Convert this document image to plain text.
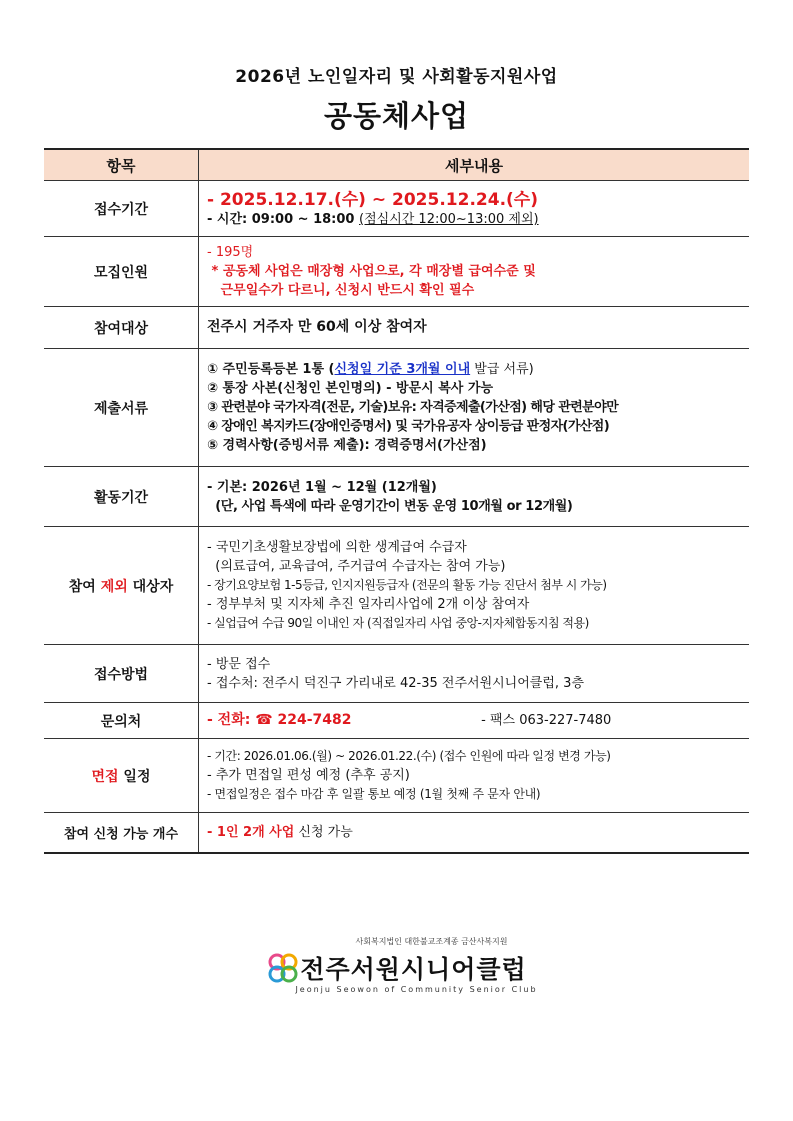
2026년 노인일자리 및 사회활동지원사업
공동체사업
항목	세부내용
접수기간	- 2025.12.17.(수) ~ 2025.12.24.(수)
- 시간: 09:00 ~ 18:00 (점심시간 12:00~13:00 제외)

모집인원	- 195명
* 공동체 사업은 매장형 사업으로, 각 매장별 급여수준 및
근무일수가 다르니, 신청시 반드시 확인 필수

참여대상	전주시 거주자 만 60세 이상 참여자
제출서류	① 주민등록등본 1통 (신청일 기준 3개월 이내 발급 서류)
② 통장 사본(신청인 본인명의) - 방문시 복사 가능
③ 관련분야 국가자격(전문, 기술)보유: 자격증제출(가산점) 해당 관련분야만
④ 장애인 복지카드(장애인증명서) 및 국가유공자 상이등급 판정자(가산점)
⑤ 경력사항(증빙서류 제출): 경력증명서(가산점)

활동기간	- 기본: 2026년 1월 ~ 12월 (12개월)
(단, 사업 특색에 따라 운영기간이 변동 운영 10개월 or 12개월)

참여 제외 대상자	- 국민기초생활보장법에 의한 생계급여 수급자
(의료급여, 교육급여, 주거급여 수급자는 참여 가능)
- 장기요양보험 1-5등급, 인지지원등급자 (전문의 활동 가능 진단서 첨부 시 가능)
- 정부부처 및 지자체 추진 일자리사업에 2개 이상 참여자
- 실업급여 수급 90일 이내인 자 (직접일자리 사업 중앙-지자체합동지침 적용)

접수방법	- 방문 접수
- 접수처: 전주시 덕진구 가리내로 42-35 전주서원시니어클럽, 3층

문의처	- 전화: ☎ 224-7482 - 팩스 063-227-7480
면접 일정	- 기간: 2026.01.06.(월) ~ 2026.01.22.(수) (접수 인원에 따라 일정 변경 가능)
- 추가 면접일 편성 예정 (추후 공지)
- 면접일정은 접수 마감 후 일괄 통보 예정 (1월 첫째 주 문자 안내)

참여 신청 가능 개수	- 1인 2개 사업 신청 가능
사회복지법인 대한불교조계종 금산사복지원
전주서원시니어클럽
Jeonju Seowon of Community Senior Club
